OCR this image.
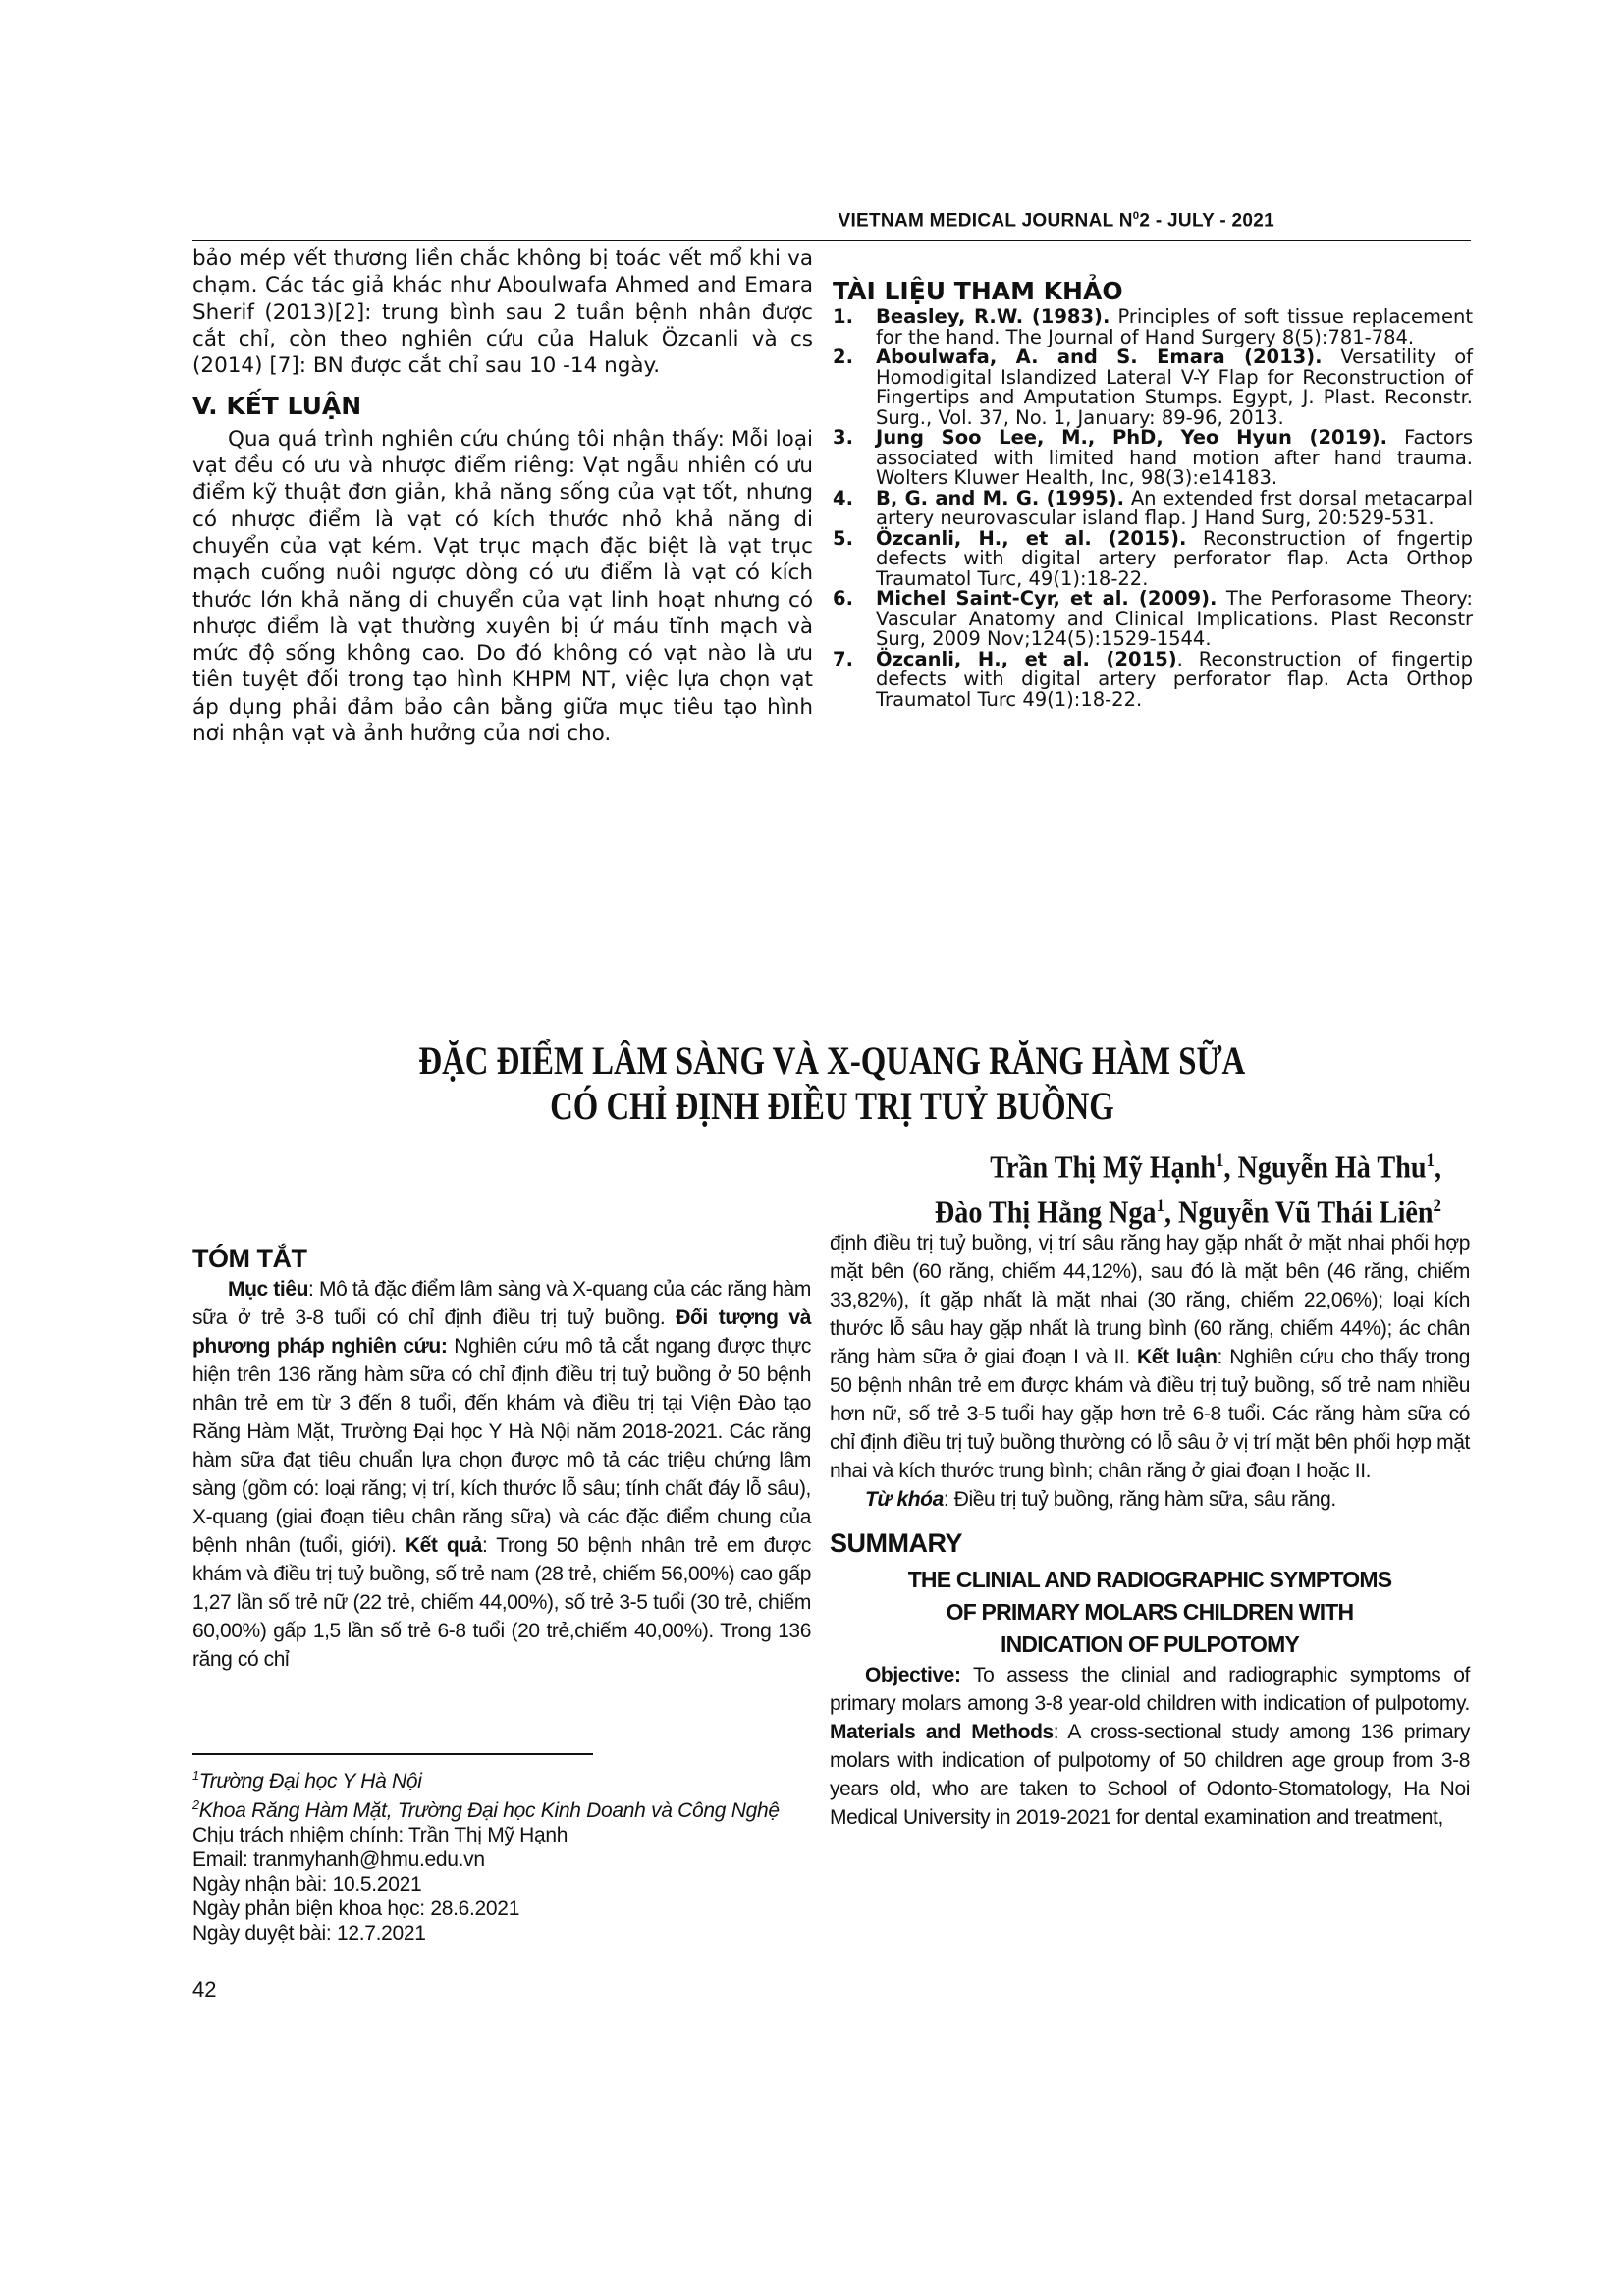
VIETNAM MEDICAL JOURNAL $N^02$ - JULY - 2021

bảo mép vết thương liền chắc không bị toác vết mổ khi va chạm. Các tác giả khác như Aboulwafa Ahmed and Emara Sherif (2013)[2]: trung bình sau 2 tuần bệnh nhân được cắt chỉ, còn theo nghiên cứu của Haluk Özcanli và cs (2014) [7]: BN được cắt chỉ sau 10 -14 ngày.

V. KẾT LUẬN

Qua quá trình nghiên cứu chúng tôi nhận thấy: Mỗi loại vạt đều có ưu và nhược điểm riêng: Vạt ngẫu nhiên có ưu điểm kỹ thuật đơn giản, khả năng sống của vạt tốt, nhưng có nhược điểm là vạt có kích thước nhỏ khả năng di chuyển của vạt kém. Vạt trục mạch đặc biệt là vạt trục mạch cuống nuôi ngược dòng có ưu điểm là vạt có kích thước lớn khả năng di chuyển của vạt linh hoạt nhưng có nhược điểm là vạt thường xuyên bị ứ máu tĩnh mạch và mức độ sống không cao. Do đó không có vạt nào là ưu tiên tuyệt đối trong tạo hình KHPM NT, việc lựa chọn vạt áp dụng phải đảm bảo cân bằng giữa mục tiêu tạo hình nơi nhận vạt và ảnh hưởng của nơi cho.

TÀI LIỆU THAM KHẢO
1. Beasley, R.W. (1983). Principles of soft tissue replacement for the hand. The Journal of Hand Surgery 8(5):781-784.
2. Aboulwafa, A. and S. Emara (2013). Versatility of Homodigital Islandized Lateral V-Y Flap for Reconstruction of Fingertips and Amputation Stumps. Egypt, J. Plast. Reconstr. Surg., Vol. 37, No. 1, January: 89-96, 2013.
3. Jung Soo Lee, M., PhD, Yeo Hyun (2019). Factors associated with limited hand motion after hand trauma. Wolters Kluwer Health, Inc, 98(3):e14183.
4. B, G. and M. G. (1995). An extended frst dorsal metacarpal artery neurovascular island flap. J Hand Surg, 20:529-531.
5. Özcanli, H., et al. (2015). Reconstruction of fngertip defects with digital artery perforator flap. Acta Orthop Traumatol Turc, 49(1):18-22.
6. Michel Saint-Cyr, et al. (2009). The Perforasome Theory: Vascular Anatomy and Clinical Implications. Plast Reconstr Surg, 2009 Nov;124(5):1529-1544.
7. Özcanli, H., et al. (2015). Reconstruction of fingertip defects with digital artery perforator flap. Acta Orthop Traumatol Turc 49(1):18-22.
ĐẶC ĐIỂM LÂM SÀNG VÀ X-QUANG RĂNG HÀM SỮA
CÓ CHỈ ĐỊNH ĐIỀU TRỊ TUỶ BUỒNG
Trần Thị Mỹ Hạnh$^1$, Nguyễn Hà Thu$^1$,
Đào Thị Hằng Nga$^1$, Nguyễn Vũ Thái Liên$^2$
TÓM TẮT

Mục tiêu: Mô tả đặc điểm lâm sàng và X-quang của các răng hàm sữa ở trẻ 3-8 tuổi có chỉ định điều trị tuỷ buồng. Đối tượng và phương pháp nghiên cứu: Nghiên cứu mô tả cắt ngang được thực hiện trên 136 răng hàm sữa có chỉ định điều trị tuỷ buồng ở 50 bệnh nhân trẻ em từ 3 đến 8 tuổi, đến khám và điều trị tại Viện Đào tạo Răng Hàm Mặt, Trường Đại học Y Hà Nội năm 2018-2021. Các răng hàm sữa đạt tiêu chuẩn lựa chọn được mô tả các triệu chứng lâm sàng (gồm có: loại răng; vị trí, kích thước lỗ sâu; tính chất đáy lỗ sâu), X-quang (giai đoạn tiêu chân răng sữa) và các đặc điểm chung của bệnh nhân (tuổi, giới). Kết quả: Trong 50 bệnh nhân trẻ em được khám và điều trị tuỷ buồng, số trẻ nam (28 trẻ, chiếm 56,00%) cao gấp 1,27 lần số trẻ nữ (22 trẻ, chiếm 44,00%), số trẻ 3-5 tuổi (30 trẻ, chiếm 60,00%) gấp 1,5 lần số trẻ 6-8 tuổi (20 trẻ,chiếm 40,00%). Trong 136 răng có chỉ

định điều trị tuỷ buồng, vị trí sâu răng hay gặp nhất ở mặt nhai phối hợp mặt bên (60 răng, chiếm 44,12%), sau đó là mặt bên (46 răng, chiếm 33,82%), ít gặp nhất là mặt nhai (30 răng, chiếm 22,06%); loại kích thước lỗ sâu hay gặp nhất là trung bình (60 răng, chiếm 44%); ác chân răng hàm sữa ở giai đoạn I và II. Kết luận: Nghiên cứu cho thấy trong 50 bệnh nhân trẻ em được khám và điều trị tuỷ buồng, số trẻ nam nhiều hơn nữ, số trẻ 3-5 tuổi hay gặp hơn trẻ 6-8 tuổi. Các răng hàm sữa có chỉ định điều trị tuỷ buồng thường có lỗ sâu ở vị trí mặt bên phối hợp mặt nhai và kích thước trung bình; chân răng ở giai đoạn I hoặc II.

Từ khóa: Điều trị tuỷ buồng, răng hàm sữa, sâu răng.

SUMMARY

THE CLINIAL AND RADIOGRAPHIC SYMPTOMS

OF PRIMARY MOLARS CHILDREN WITH

INDICATION OF PULPOTOMY

Objective: To assess the clinial and radiographic symptoms of primary molars among 3-8 year-old children with indication of pulpotomy. Materials and Methods: A cross-sectional study among 136 primary molars with indication of pulpotomy of 50 children age group from 3-8 years old, who are taken to School of Odonto-Stomatology, Ha Noi Medical University in 2019-2021 for dental examination and treatment,

$^1$Trường Đại học Y Hà Nội
$^2$Khoa Răng Hàm Mặt, Trường Đại học Kinh Doanh và Công Nghệ
Chịu trách nhiệm chính: Trần Thị Mỹ Hạnh
Email: tranmyhanh@hmu.edu.vn
Ngày nhận bài: 10.5.2021
Ngày phản biện khoa học: 28.6.2021
Ngày duyệt bài: 12.7.2021
42
